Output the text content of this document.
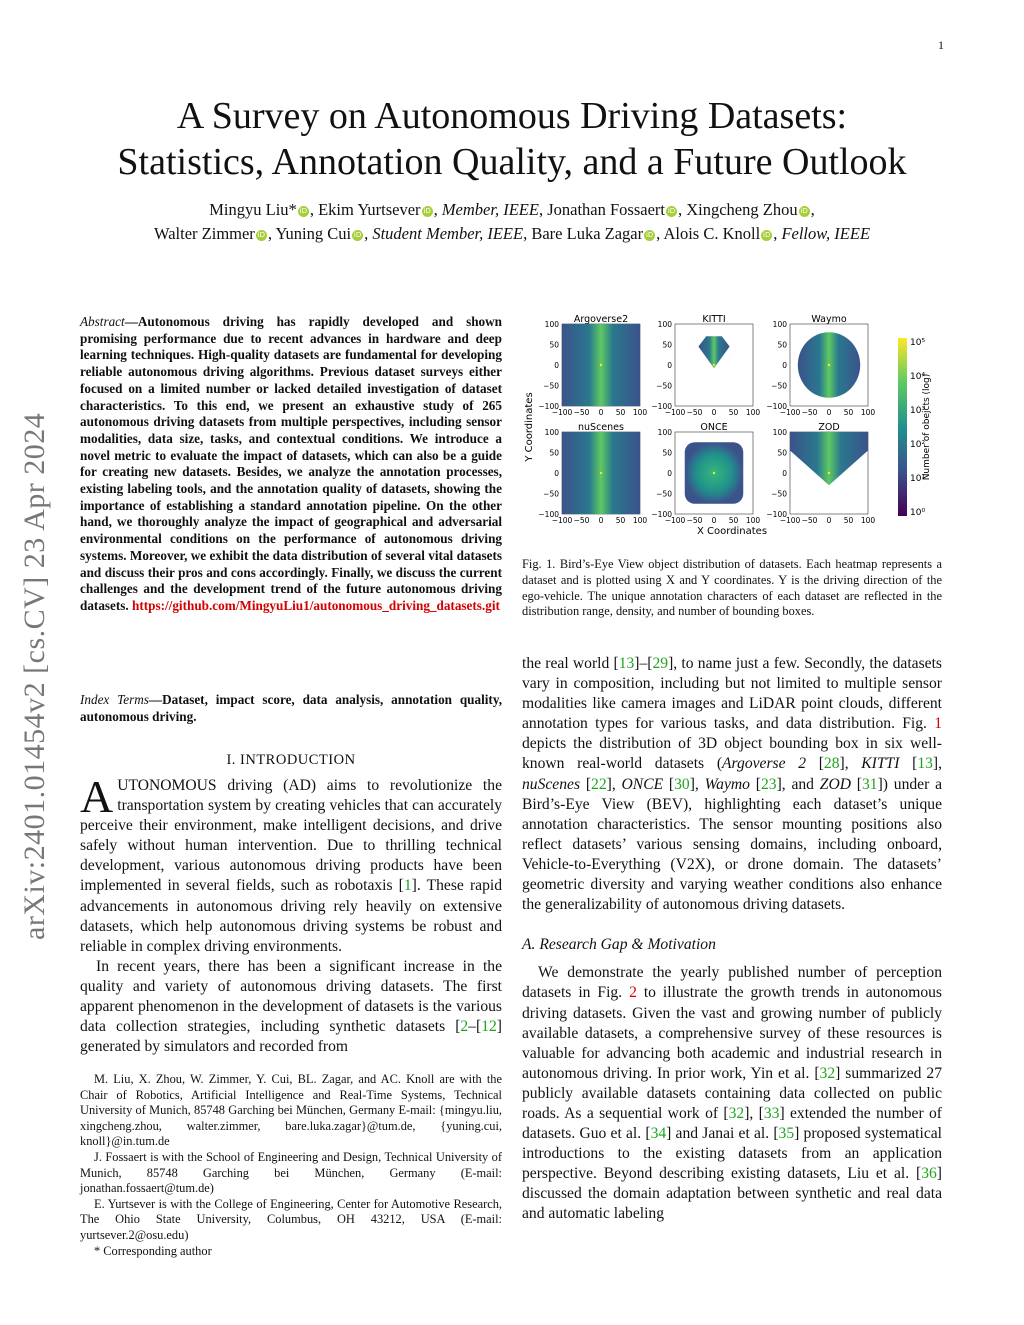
1
arXiv:2401.01454v2 [cs.CV] 23 Apr 2024
A Survey on Autonomous Driving Datasets:
Statistics, Annotation Quality, and a Future Outlook
Mingyu Liu* iD , Ekim Yurtsever iD , Member, IEEE, Jonathan Fossaert iD , Xingcheng Zhou iD ,
Walter Zimmer iD , Yuning Cui iD , Student Member, IEEE, Bare Luka Zagar iD , Alois C. Knoll iD , Fellow, IEEE
Abstract—Autonomous driving has rapidly developed and shown promising performance due to recent advances in hardware and deep learning techniques. High-quality datasets are fundamental for developing reliable autonomous driving algorithms. Previous dataset surveys either focused on a limited number or lacked detailed investigation of dataset characteristics. To this end, we present an exhaustive study of 265 autonomous driving datasets from multiple perspectives, including sensor modalities, data size, tasks, and contextual conditions. We introduce a novel metric to evaluate the impact of datasets, which can also be a guide for creating new datasets. Besides, we analyze the annotation processes, existing labeling tools, and the annotation quality of datasets, showing the importance of establishing a standard annotation pipeline. On the other hand, we thoroughly analyze the impact of geographical and adversarial environmental conditions on the performance of autonomous driving systems. Moreover, we exhibit the data distribution of several vital datasets and discuss their pros and cons accordingly. Finally, we discuss the current challenges and the development trend of the future autonomous driving datasets. https://github.com/MingyuLiu1/autonomous_driving_datasets.git
Index Terms—Dataset, impact score, data analysis, annotation quality, autonomous driving.
I. INTRODUCTION

AUTONOMOUS driving (AD) aims to revolutionize the transportation system by creating vehicles that can accurately perceive their environment, make intelligent decisions, and drive safely without human intervention. Due to thrilling technical development, various autonomous driving products have been implemented in several fields, such as robotaxis [1]. These rapid advancements in autonomous driving rely heavily on extensive datasets, which help autonomous driving systems be robust and reliable in complex driving environments.

In recent years, there has been a significant increase in the quality and variety of autonomous driving datasets. The first apparent phenomenon in the development of datasets is the various data collection strategies, including synthetic datasets [2–[12] generated by simulators and recorded from

M. Liu, X. Zhou, W. Zimmer, Y. Cui, BL. Zagar, and AC. Knoll are with the Chair of Robotics, Artificial Intelligence and Real-Time Systems, Technical University of Munich, 85748 Garching bei München, Germany E-mail: {mingyu.liu, xingcheng.zhou, walter.zimmer, bare.luka.zagar}@tum.de, {yuning.cui, knoll}@in.tum.de

J. Fossaert is with the School of Engineering and Design, Technical University of Munich, 85748 Garching bei München, Germany (E-mail: jonathan.fossaert@tum.de)

E. Yurtsever is with the College of Engineering, Center for Automotive Research, The Ohio State University, Columbus, OH 43212, USA (E-mail: yurtsever.2@osu.edu)

* Corresponding author

Argoverse2
100
50
0
−50
−100
−100 −50 0 50 100
KITTI
100
50
0
−50
−100
−100 −50 0 50 100
Waymo
100
50
0
−50
−100
−100 −50 0 50 100
nuScenes
100
50
0
−50
−100
−100 −50 0 50 100
ONCE
100
50
0
−50
−100
−100 −50 0 50 100
ZOD
100
50
0
−50
−100
−100 −50 0 50 100
10⁵
10⁴
10³
10²
10¹
10⁰
Number of obejcts (log)
Y Coordinates
X Coordinates
Fig. 1. Bird’s-Eye View object distribution of datasets. Each heatmap represents a dataset and is plotted using X and Y coordinates. Y is the driving direction of the ego-vehicle. The unique annotation characters of each dataset are reflected in the distribution range, density, and number of bounding boxes.

the real world [13]–[29], to name just a few. Secondly, the datasets vary in composition, including but not limited to multiple sensor modalities like camera images and LiDAR point clouds, different annotation types for various tasks, and data distribution. Fig. 1 depicts the distribution of 3D object bounding box in six well-known real-world datasets (Argoverse 2 [28], KITTI [13], nuScenes [22], ONCE [30], Waymo [23], and ZOD [31]) under a Bird’s-Eye View (BEV), highlighting each dataset’s unique annotation characteristics. The sensor mounting positions also reflect datasets’ various sensing domains, including onboard, Vehicle-to-Everything (V2X), or drone domain. The datasets’ geometric diversity and varying weather conditions also enhance the generalizability of autonomous driving datasets.

A. Research Gap & Motivation

We demonstrate the yearly published number of perception datasets in Fig. 2 to illustrate the growth trends in autonomous driving datasets. Given the vast and growing number of publicly available datasets, a comprehensive survey of these resources is valuable for advancing both academic and industrial research in autonomous driving. In prior work, Yin et al. [32] summarized 27 publicly available datasets containing data collected on public roads. As a sequential work of [32], [33] extended the number of datasets. Guo et al. [34] and Janai et al. [35] proposed systematical introductions to the existing datasets from an application perspective. Beyond describing existing datasets, Liu et al. [36] discussed the domain adaptation between synthetic and real data and automatic labeling
